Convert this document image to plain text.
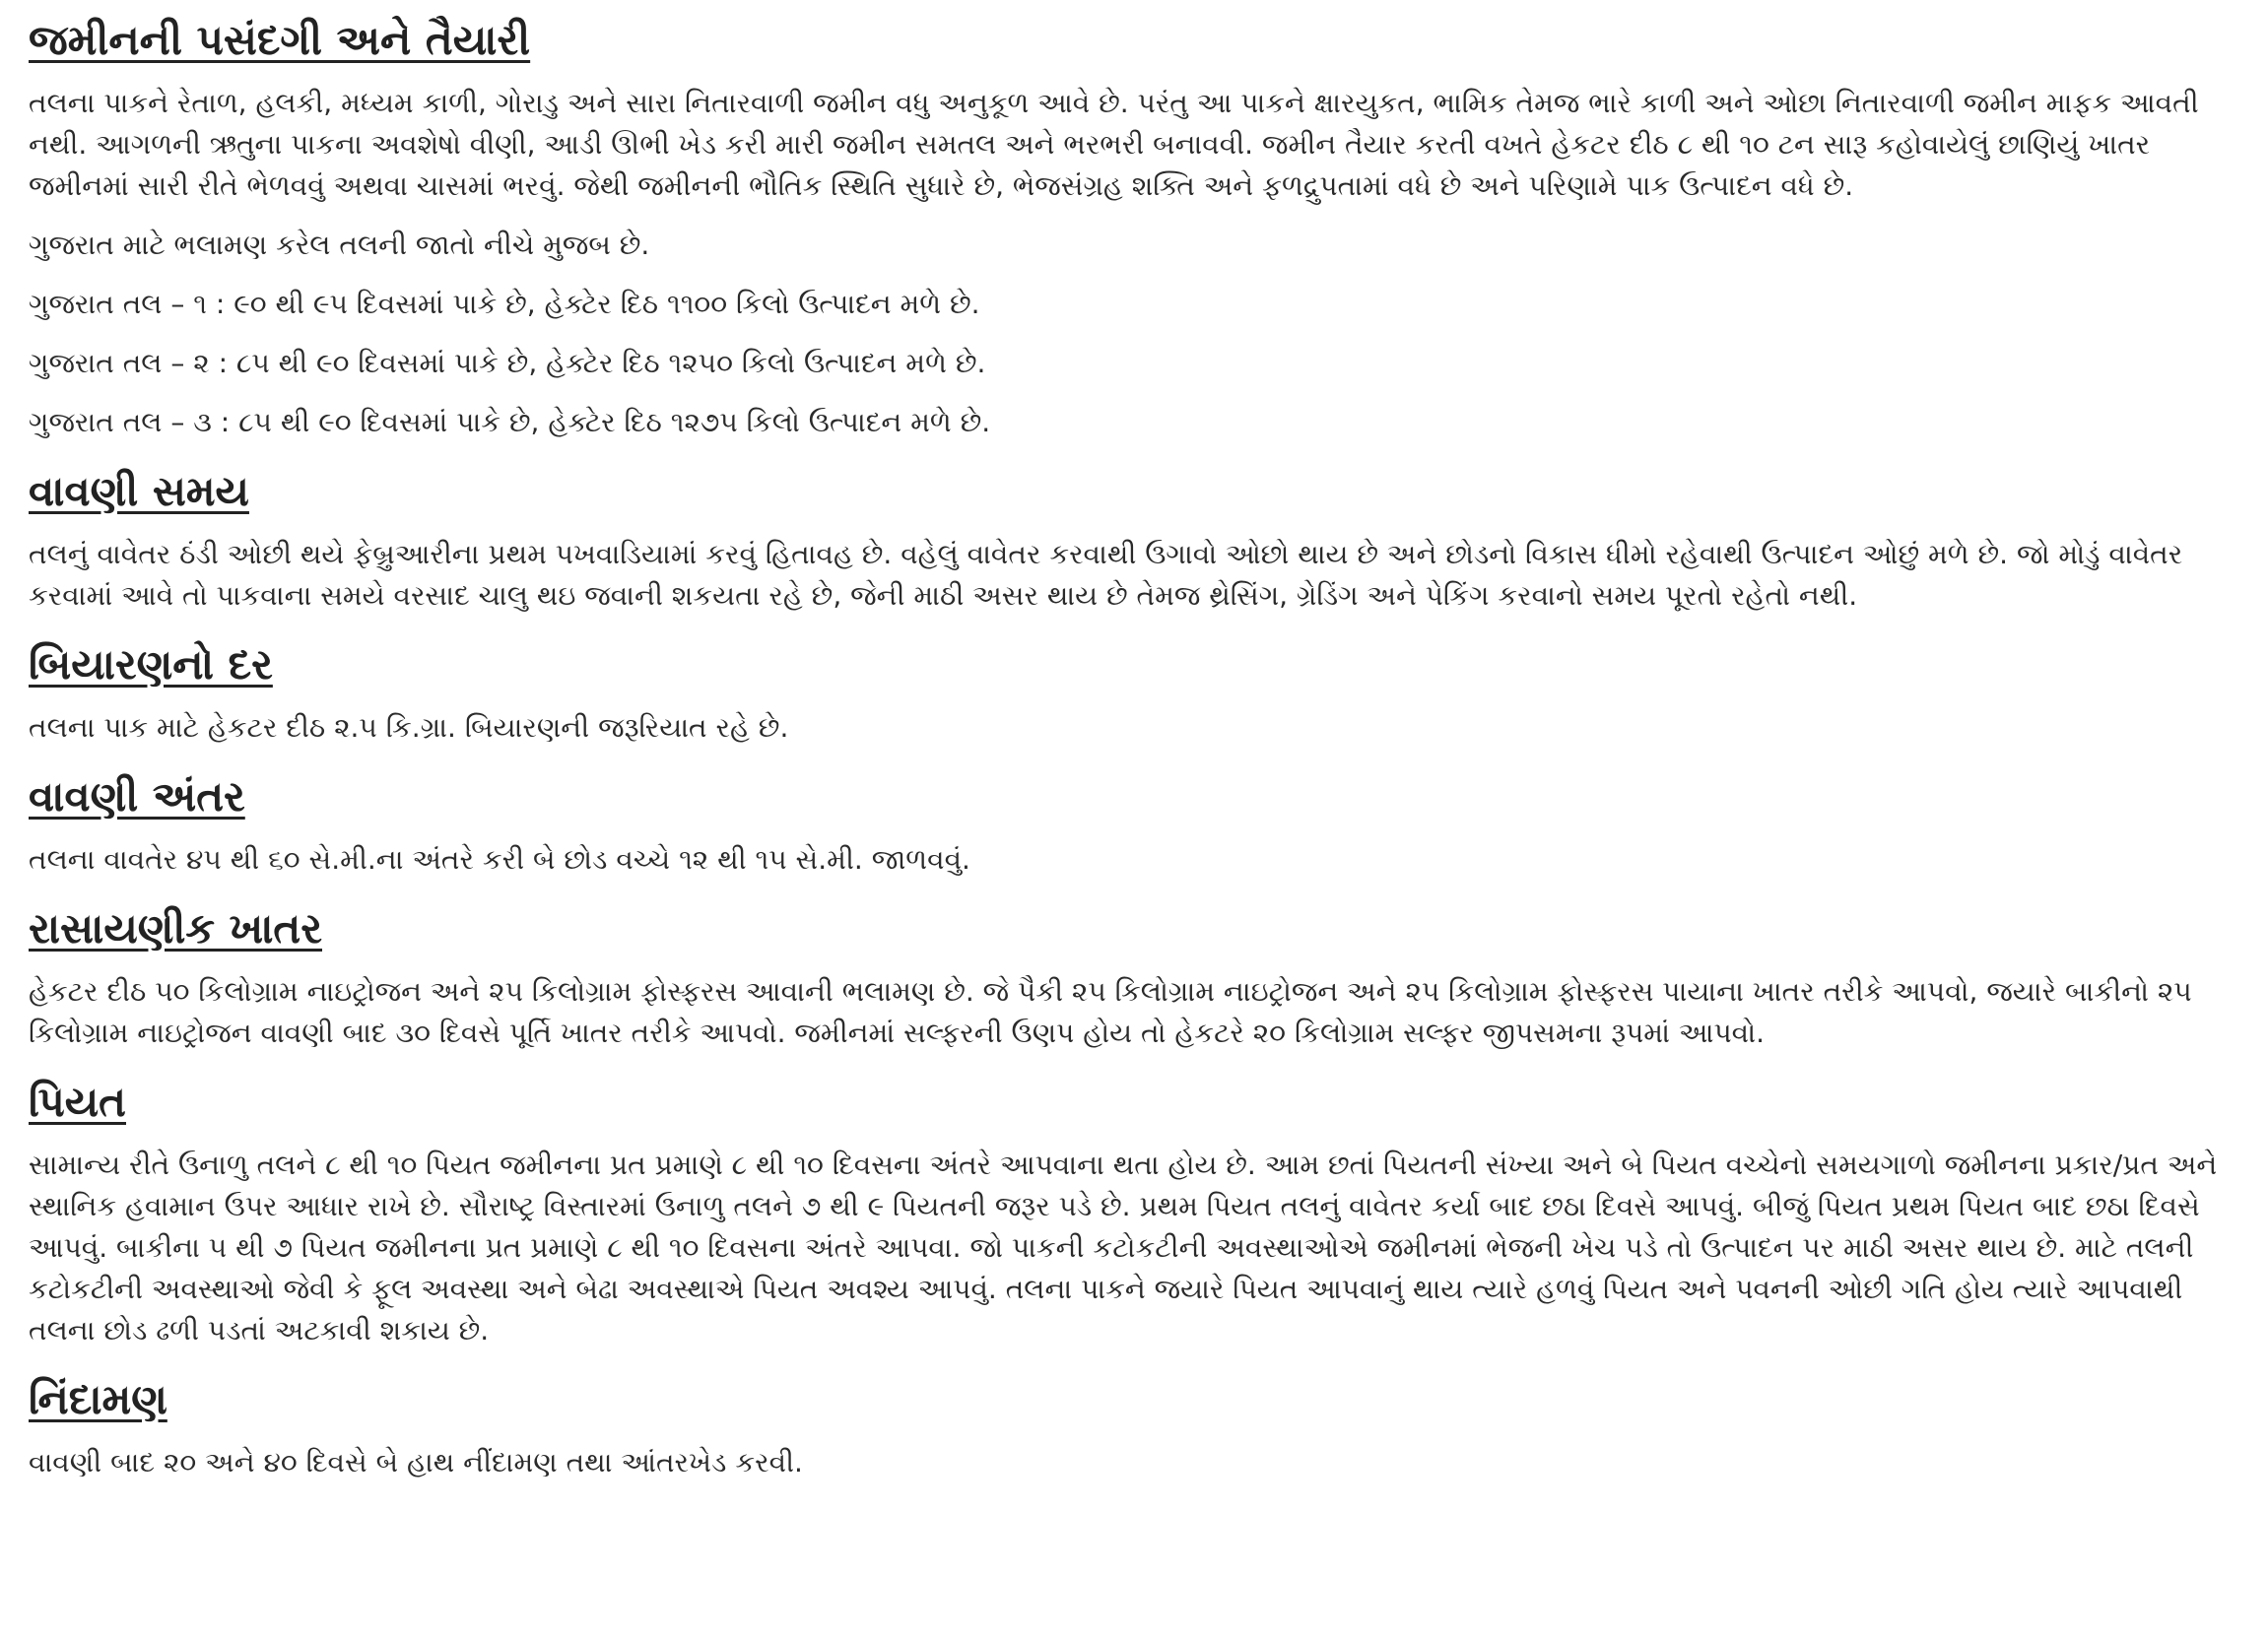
જમીનની પસંદગી અને તૈયારી

તલના પાકને રેતાળ, હલકી, મધ્યમ કાળી, ગોરાડુ અને સારા નિતારવાળી જમીન વધુ અનુકૂળ આવે છે. પરંતુ આ પાકને ક્ષારયુકત, ભામિક તેમજ ભારે કાળી અને ઓછા નિતારવાળી જમીન માફક આવતી નથી. આગળની ઋતુના પાકના અવશેષો વીણી, આડી ઊભી ખેડ કરી મારી જમીન સમતલ અને ભરભરી બનાવવી. જમીન તૈયાર કરતી વખતે હેકટર દીઠ ૮ થી ૧૦ ટન સારૂ કહોવાયેલું છાણિયું ખાતર જમીનમાં સારી રીતે ભેળવવું અથવા ચાસમાં ભરવું. જેથી જમીનની ભૌતિક સ્થિતિ સુધારે છે, ભેજસંગ્રહ શક્તિ અને ફળદ્રુપતામાં વધે છે અને પરિણામે પાક ઉત્પાદન વધે છે.

ગુજરાત માટે ભલામણ કરેલ તલની જાતો નીચે મુજબ છે.

ગુજરાત તલ – ૧ : ૯૦ થી ૯૫ દિવસમાં પાકે છે, હેક્ટેર દિઠ ૧૧૦૦ કિલો ઉત્પાદન મળે છે.

ગુજરાત તલ – ૨ : ૮૫ થી ૯૦ દિવસમાં પાકે છે, હેક્ટેર દિઠ ૧૨૫૦ કિલો ઉત્પાદન મળે છે.

ગુજરાત તલ – ૩ : ૮૫ થી ૯૦ દિવસમાં પાકે છે, હેક્ટેર દિઠ ૧૨૭૫ કિલો ઉત્પાદન મળે છે.

વાવણી સમય

તલનું વાવેતર ઠંડી ઓછી થયે ફેબ્રુઆરીના પ્રથમ પખવાડિયામાં કરવું હિતાવહ છે. વહેલું વાવેતર કરવાથી ઉગાવો ઓછો થાય છે અને છોડનો વિકાસ ધીમો રહેવાથી ઉત્પાદન ઓછું મળે છે. જો મોડું વાવેતર કરવામાં આવે તો પાકવાના સમયે વરસાદ ચાલુ થઇ જવાની શકયતા રહે છે, જેની માઠી અસર થાય છે તેમજ થ્રેસિંગ, ગ્રેડિંગ અને પેકિંગ કરવાનો સમય પૂરતો રહેતો નથી.

બિયારણનો દર

તલના પાક માટે હેકટર દીઠ ૨.૫ કિ.ગ્રા. બિયારણની જરૂરિયાત રહે છે.

વાવણી અંતર

તલના વાવતેર ૪૫ થી ૬૦ સે.મી.ના અંતરે કરી બે છોડ વચ્ચે ૧૨ થી ૧૫ સે.મી. જાળવવું.

રાસાયણીક ખાતર

હેકટર દીઠ ૫૦ કિલોગ્રામ નાઇટ્રોજન અને ૨૫ કિલોગ્રામ ફોસ્ફરસ આવાની ભલામણ છે. જે પૈકી ૨૫ કિલોગ્રામ નાઇટ્રોજન અને ૨૫ કિલોગ્રામ ફોસ્ફરસ પાયાના ખાતર તરીકે આપવો, જયારે બાકીનો ૨૫ કિલોગ્રામ નાઇટ્રોજન વાવણી બાદ ૩૦ દિવસે પૂર્તિ ખાતર તરીકે આપવો. જમીનમાં સલ્ફરની ઉણપ હોય તો હેકટરે ૨૦ કિલોગ્રામ સલ્ફર જીપસમના રૂપમાં આપવો.

પિયત

સામાન્ય રીતે ઉનાળુ તલને ૮ થી ૧૦ પિયત જમીનના પ્રત પ્રમાણે ૮ થી ૧૦ દિવસના અંતરે આપવાના થતા હોય છે. આમ છતાં પિયતની સંખ્યા અને બે પિયત વચ્ચેનો સમયગાળો જમીનના પ્રકાર/પ્રત અને સ્થાનિક હવામાન ઉપર આધાર રાખે છે. સૌરાષ્ટ્ર વિસ્તારમાં ઉનાળુ તલને ૭ થી ૯ પિયતની જરૂર પડે છે. પ્રથમ પિયત તલનું વાવેતર કર્યા બાદ છઠા દિવસે આપવું. બીજું પિયત પ્રથમ પિયત બાદ છઠા દિવસે આપવું. બાકીના ૫ થી ૭ પિયત જમીનના પ્રત પ્રમાણે ૮ થી ૧૦ દિવસના અંતરે આપવા. જો પાકની કટોકટીની અવસ્થાઓએ જમીનમાં ભેજની ખેચ પડે તો ઉત્પાદન પર માઠી અસર થાય છે. માટે તલની કટોકટીની અવસ્થાઓ જેવી કે ફૂલ અવસ્થા અને બેઢા અવસ્થાએ પિયત અવશ્ય આપવું. તલના પાકને જયારે પિયત આપવાનું થાય ત્યારે હળવું પિયત અને પવનની ઓછી ગતિ હોય ત્યારે આપવાથી તલના છોડ ઢળી પડતાં અટકાવી શકાય છે.

નિંદામણ

વાવણી બાદ ૨૦ અને ૪૦ દિવસે બે હાથ નીંદામણ તથા આંતરખેડ કરવી.
